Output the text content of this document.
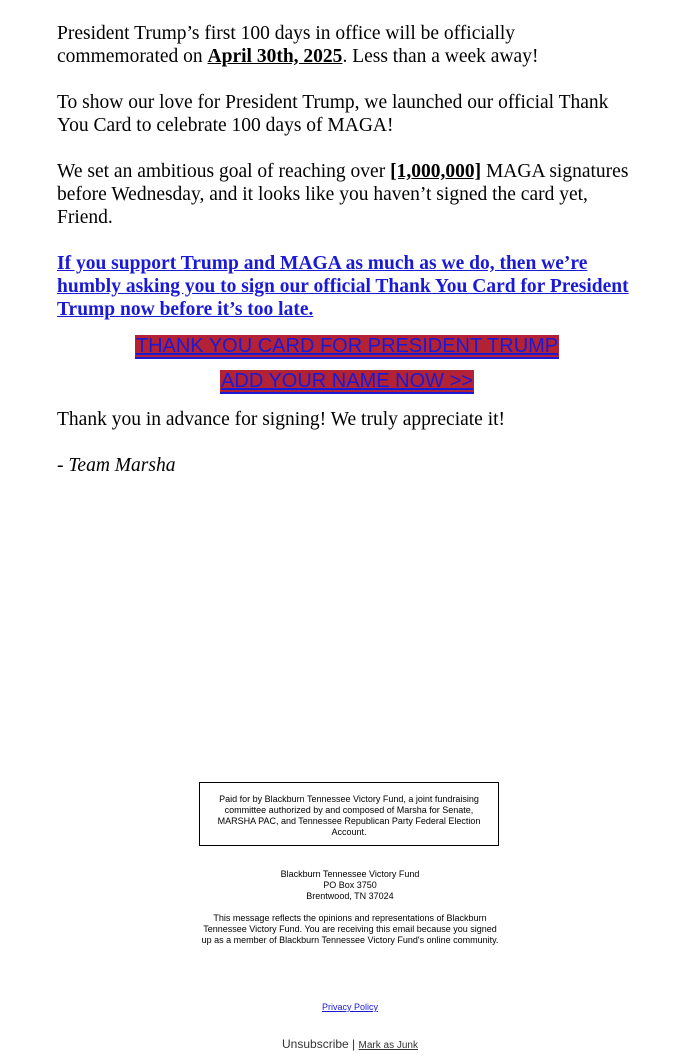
President Trump’s first 100 days in office will be officially commemorated on April 30th, 2025. Less than a week away!

To show our love for President Trump, we launched our official Thank You Card to celebrate 100 days of MAGA!

We set an ambitious goal of reaching over [1,000,000] MAGA signatures before Wednesday, and it looks like you haven’t signed the card yet, Friend.

If you support Trump and MAGA as much as we do, then we’re humbly asking you to sign our official Thank You Card for President Trump now before it’s too late.

THANK YOU CARD FOR PRESIDENT TRUMP
ADD YOUR NAME NOW >>

Thank you in advance for signing! We truly appreciate it!

- Team Marsha

Paid for by Blackburn Tennessee Victory Fund, a joint fundraising committee authorized by and composed of Marsha for Senate, MARSHA PAC, and Tennessee Republican Party Federal Election Account.
Blackburn Tennessee Victory Fund
PO Box 3750
Brentwood, TN 37024
This message reflects the opinions and representations of Blackburn Tennessee Victory Fund. You are receiving this email because you signed up as a member of Blackburn Tennessee Victory Fund's online community.
Privacy Policy
Unsubscribe | Mark as Junk
